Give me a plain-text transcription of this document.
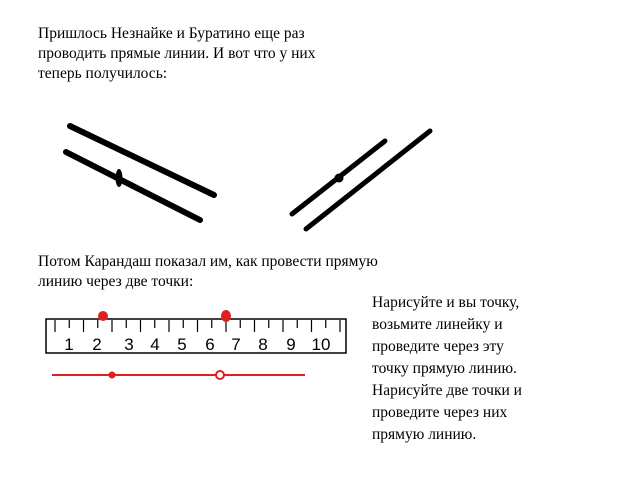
Пришлось Незнайке и Буратино еще раз
проводить прямые линии. И вот что у них
теперь получилось:
1 2 3 4 5 6 7 8 9 10
Потом Карандаш показал им, как провести прямую
линию через две точки:
Нарисуйте и вы точку,
возьмите линейку и
проведите через эту
точку прямую линию.
Нарисуйте две точки и
проведите через них
прямую линию.
